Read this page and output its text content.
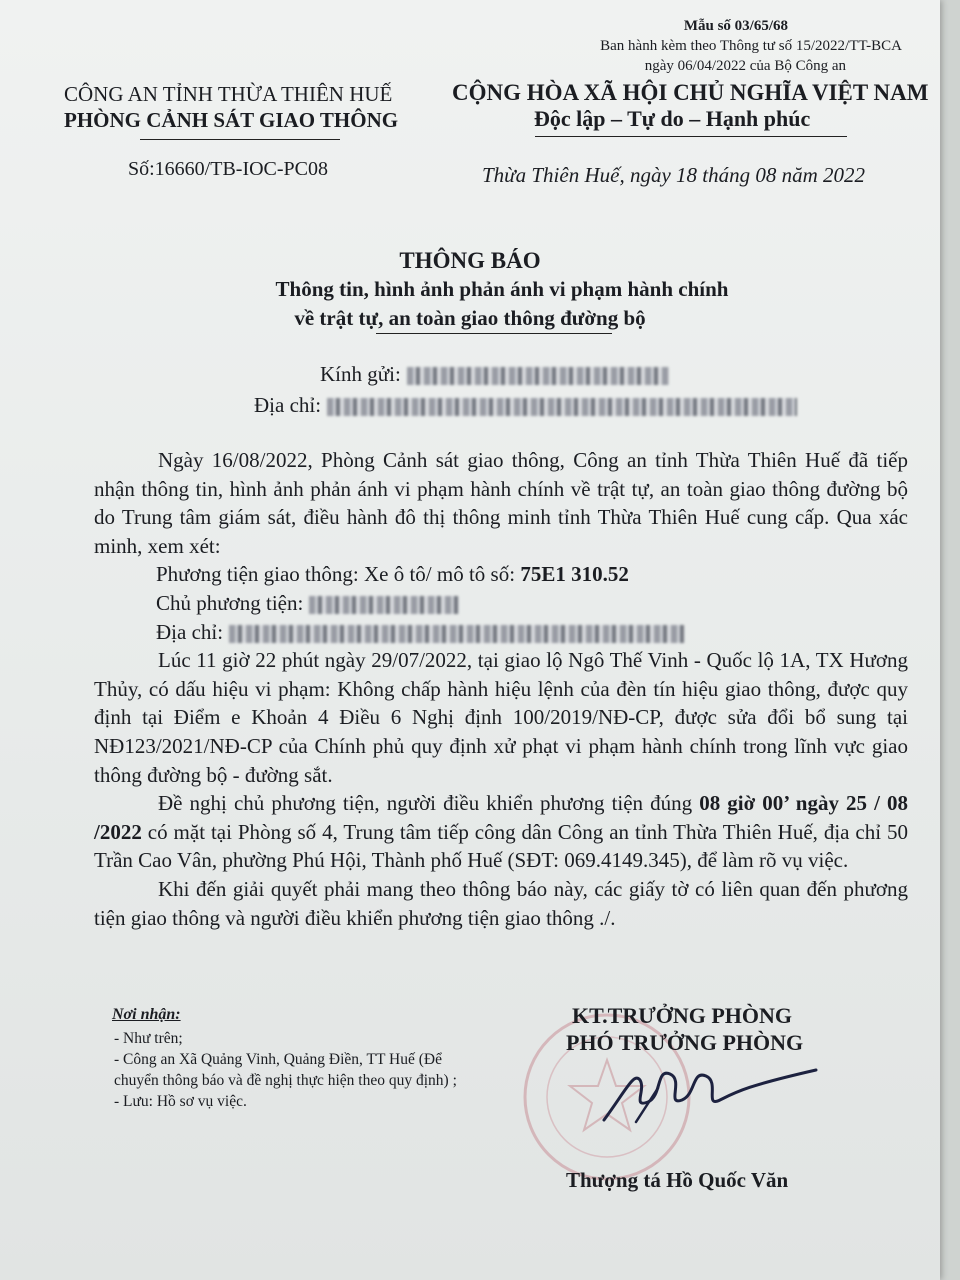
Mẫu số 03/65/68
Ban hành kèm theo Thông tư số 15/2022/TT-BCA
ngày 06/04/2022 của Bộ Công an
CÔNG AN TỈNH THỪA THIÊN HUẾ
PHÒNG CẢNH SÁT GIAO THÔNG
Số:16660/TB-IOC-PC08
CỘNG HÒA XÃ HỘI CHỦ NGHĨA VIỆT NAM
Độc lập – Tự do – Hạnh phúc
Thừa Thiên Huế, ngày 18 tháng 08 năm 2022
THÔNG BÁO
Thông tin, hình ảnh phản ánh vi phạm hành chính
về trật tự, an toàn giao thông đường bộ
Kính gửi:
Địa chỉ:

Ngày 16/08/2022, Phòng Cảnh sát giao thông, Công an tỉnh Thừa Thiên Huế đã tiếp nhận thông tin, hình ảnh phản ánh vi phạm hành chính về trật tự, an toàn giao thông đường bộ do Trung tâm giám sát, điều hành đô thị thông minh tỉnh Thừa Thiên Huế cung cấp. Qua xác minh, xem xét:

Phương tiện giao thông: Xe ô tô/ mô tô số: 75E1 310.52

Chủ phương tiện:

Địa chỉ:

Lúc 11 giờ 22 phút ngày 29/07/2022, tại giao lộ Ngô Thế Vinh - Quốc lộ 1A, TX Hương Thủy, có dấu hiệu vi phạm: Không chấp hành hiệu lệnh của đèn tín hiệu giao thông, được quy định tại Điểm e Khoản 4 Điều 6 Nghị định 100/2019/NĐ-CP, được sửa đổi bổ sung tại NĐ123/2021/NĐ-CP của Chính phủ quy định xử phạt vi phạm hành chính trong lĩnh vực giao thông đường bộ - đường sắt.

Đề nghị chủ phương tiện, người điều khiển phương tiện đúng 08 giờ 00’ ngày 25 / 08 /2022 có mặt tại Phòng số 4, Trung tâm tiếp công dân Công an tỉnh Thừa Thiên Huế, địa chỉ 50 Trần Cao Vân, phường Phú Hội, Thành phố Huế (SĐT: 069.4149.345), để làm rõ vụ việc.

Khi đến giải quyết phải mang theo thông báo này, các giấy tờ có liên quan đến phương tiện giao thông và người điều khiển phương tiện giao thông ./.

Nơi nhận:
- Như trên;
- Công an Xã Quảng Vinh, Quảng Điền, TT Huế (Để chuyển thông báo và đề nghị thực hiện theo quy định) ;
- Lưu: Hồ sơ vụ việc.
KT.TRƯỞNG PHÒNG
PHÓ TRƯỞNG PHÒNG
Thượng tá Hồ Quốc Văn
